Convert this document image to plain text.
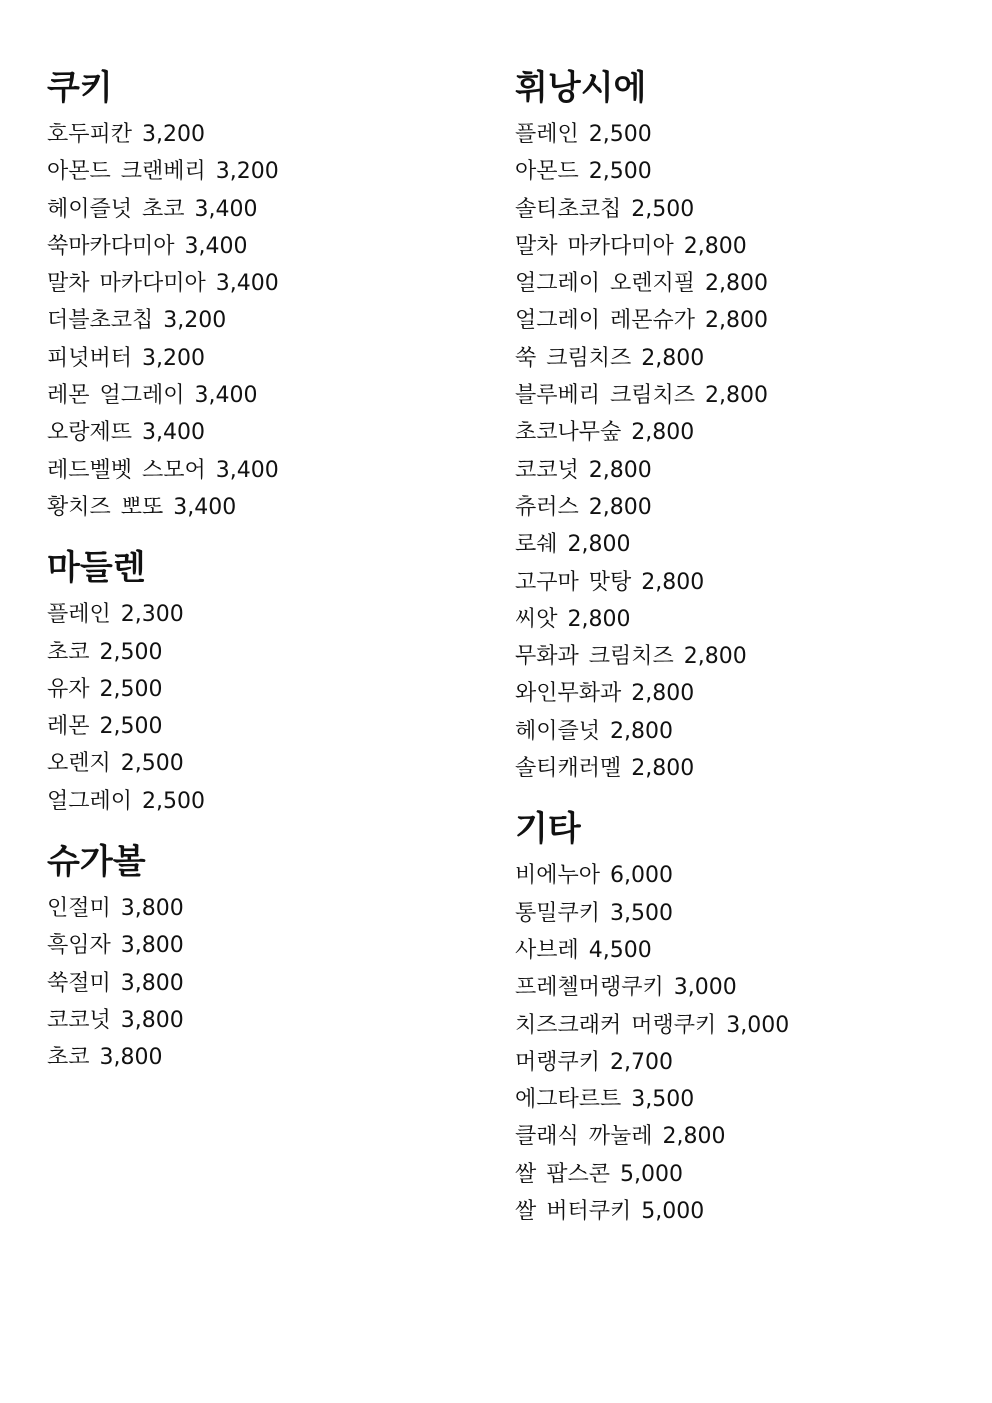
쿠키
호두피칸 3,200
아몬드 크랜베리 3,200
헤이즐넛 초코 3,400
쑥마카다미아 3,400
말차 마카다미아 3,400
더블초코칩 3,200
피넛버터 3,200
레몬 얼그레이 3,400
오랑제뜨 3,400
레드벨벳 스모어 3,400
황치즈 뽀또 3,400
마들렌
플레인 2,300
초코 2,500
유자 2,500
레몬 2,500
오렌지 2,500
얼그레이 2,500
슈가볼
인절미 3,800
흑임자 3,800
쑥절미 3,800
코코넛 3,800
초코 3,800
휘낭시에
플레인 2,500
아몬드 2,500
솔티초코칩 2,500
말차 마카다미아 2,800
얼그레이 오렌지필 2,800
얼그레이 레몬슈가 2,800
쑥 크림치즈 2,800
블루베리 크림치즈 2,800
초코나무숲 2,800
코코넛 2,800
츄러스 2,800
로쉐 2,800
고구마 맛탕 2,800
씨앗 2,800
무화과 크림치즈 2,800
와인무화과 2,800
헤이즐넛 2,800
솔티캐러멜 2,800
기타
비에누아 6,000
통밀쿠키 3,500
사브레 4,500
프레첼머랭쿠키 3,000
치즈크래커 머랭쿠키 3,000
머랭쿠키 2,700
에그타르트 3,500
클래식 까눌레 2,800
쌀 팝스콘 5,000
쌀 버터쿠키 5,000
